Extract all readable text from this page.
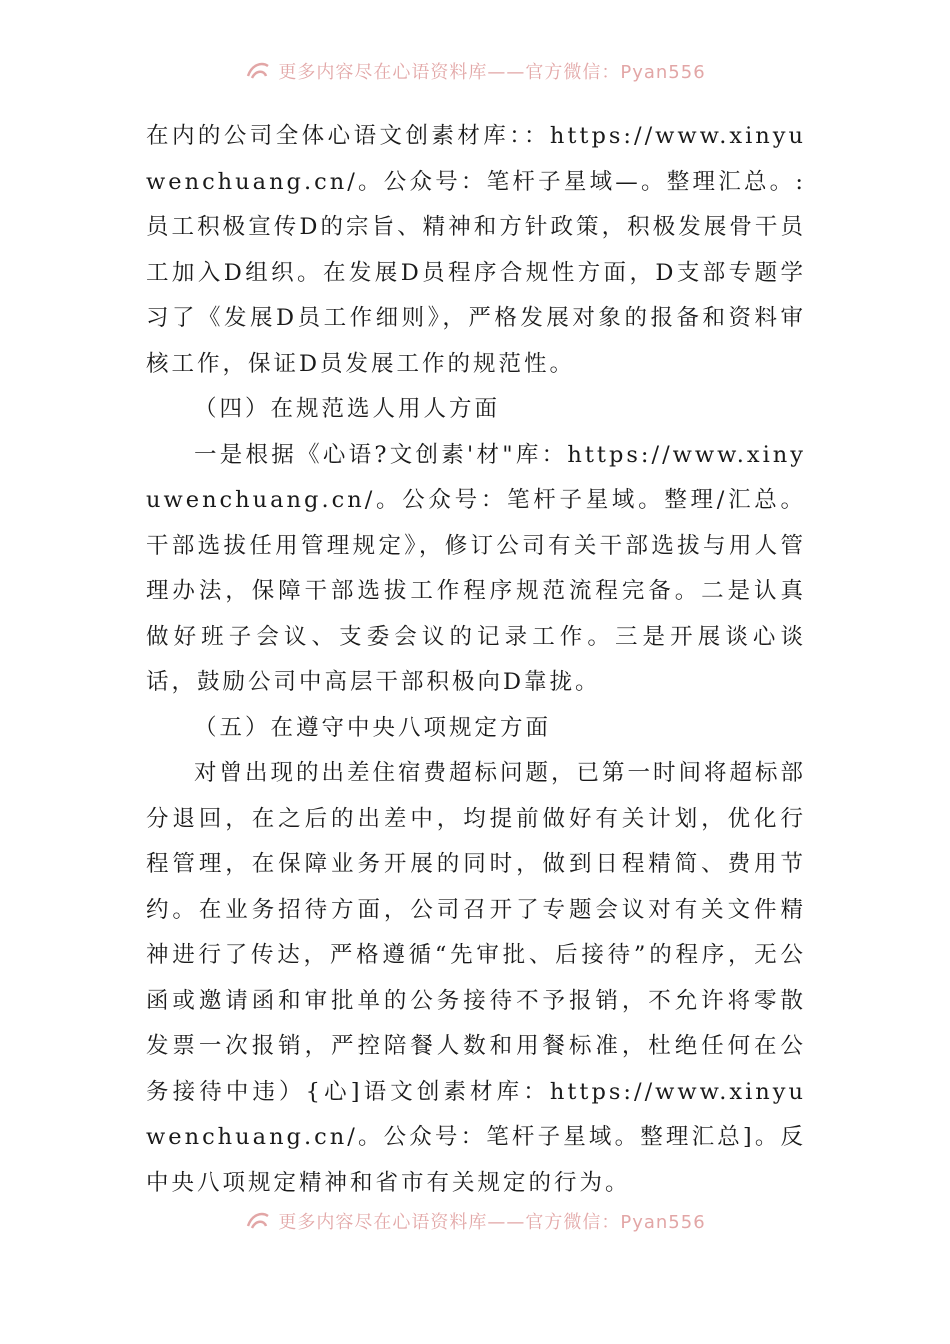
更多内容尽在心语资料库——官方微信：Pyan556

在内的公司全体心语文创素材库：：https://www.xinyuwenchuang.cn/。公众号：笔杆子星域—。整理汇总。:员工积极宣传D的宗旨、精神和方针政策，积极发展骨干员工加入D组织。在发展D员程序合规性方面，D支部专题学习了《发展D员工作细则》，严格发展对象的报备和资料审核工作，保证D员发展工作的规范性。

（四）在规范选人用人方面

一是根据《心语?文创素'材"库：https://www.xinyuwenchuang.cn/。公众号：笔杆子星域。整理/汇总。干部选拔任用管理规定》，修订公司有关干部选拔与用人管理办法，保障干部选拔工作程序规范流程完备。二是认真做好班子会议、支委会议的记录工作。三是开展谈心谈话，鼓励公司中高层干部积极向D靠拢。

（五）在遵守中央八项规定方面

对曾出现的出差住宿费超标问题，已第一时间将超标部分退回，在之后的出差中，均提前做好有关计划，优化行程管理，在保障业务开展的同时，做到日程精简、费用节约。在业务招待方面，公司召开了专题会议对有关文件精神进行了传达，严格遵循“先审批、后接待”的程序，无公函或邀请函和审批单的公务接待不予报销，不允许将零散发票一次报销，严控陪餐人数和用餐标准，杜绝任何在公务接待中违）{心]语文创素材库：https://www.xinyuwenchuang.cn/。公众号：笔杆子星域。整理汇总]。反中央八项规定精神和省市有关规定的行为。

更多内容尽在心语资料库——官方微信：Pyan556
